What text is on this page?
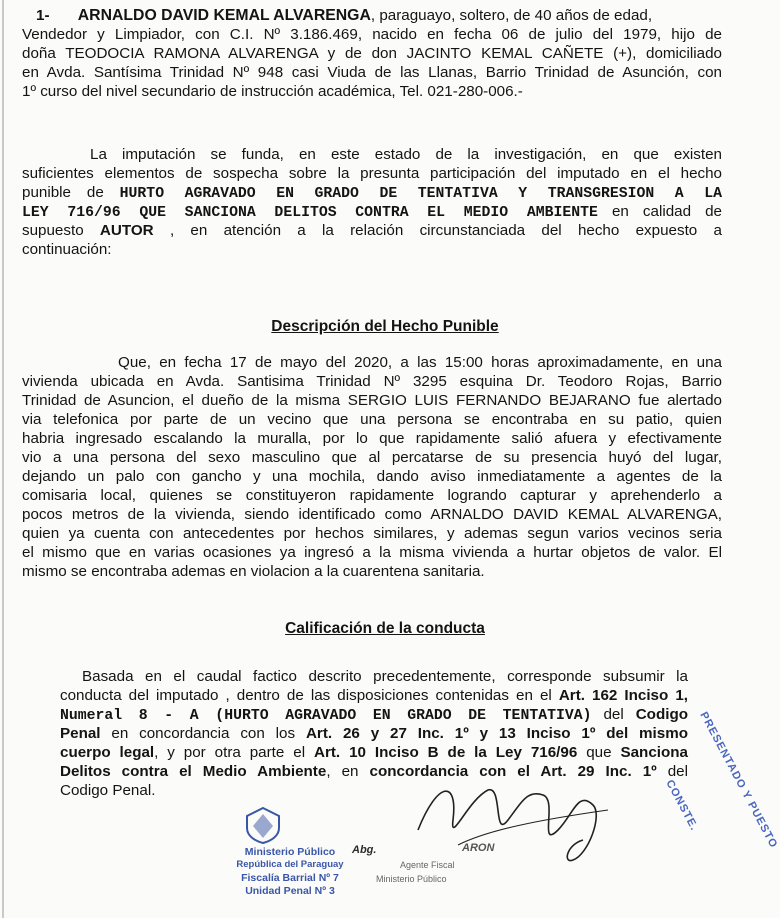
1- ARNALDO DAVID KEMAL ALVARENGA, paraguayo, soltero, de 40 años de edad,
Vendedor y Limpiador, con C.I. Nº 3.186.469, nacido en fecha 06 de julio del 1979, hijo de
doña TEODOCIA RAMONA ALVARENGA y de don JACINTO KEMAL CAÑETE (+), domiciliado
en Avda. Santísima Trinidad Nº 948 casi Viuda de las Llanas, Barrio Trinidad de Asunción, con
1º curso del nivel secundario de instrucción académica, Tel. 021-280-006.-
La imputación se funda, en este estado de la investigación, en que existen
suficientes elementos de sospecha sobre la presunta participación del imputado en el hecho
punible de HURTO AGRAVADO EN GRADO DE TENTATIVA Y TRANSGRESION A LA
LEY 716/96 QUE SANCIONA DELITOS CONTRA EL MEDIO AMBIENTE en calidad de
supuesto AUTOR , en atención a la relación circunstanciada del hecho expuesto a
continuación:
Descripción del Hecho Punible
Que, en fecha 17 de mayo del 2020, a las 15:00 horas aproximadamente, en una
vivienda ubicada en Avda. Santisima Trinidad Nº 3295 esquina Dr. Teodoro Rojas, Barrio
Trinidad de Asuncion, el dueño de la misma SERGIO LUIS FERNANDO BEJARANO fue alertado
via telefonica por parte de un vecino que una persona se encontraba en su patio, quien
habria ingresado escalando la muralla, por lo que rapidamente salió afuera y efectivamente
vio a una persona del sexo masculino que al percatarse de su presencia huyó del lugar,
dejando un palo con gancho y una mochila, dando aviso inmediatamente a agentes de la
comisaria local, quienes se constituyeron rapidamente logrando capturar y aprehenderlo a
pocos metros de la vivienda, siendo identificado como ARNALDO DAVID KEMAL ALVARENGA,
quien ya cuenta con antecedentes por hechos similares, y ademas segun varios vecinos seria
el mismo que en varias ocasiones ya ingresó a la misma vivienda a hurtar objetos de valor. El
mismo se encontraba ademas en violacion a la cuarentena sanitaria.
Calificación de la conducta
Basada en el caudal factico descrito precedentemente, corresponde subsumir la
conducta del imputado , dentro de las disposiciones contenidas en el Art. 162 Inciso 1,
Numeral 8 - A (HURTO AGRAVADO EN GRADO DE TENTATIVA) del Codigo
Penal en concordancia con los Art. 26 y 27 Inc. 1º y 13 Inciso 1º del mismo
cuerpo legal, y por otra parte el Art. 10 Inciso B de la Ley 716/96 que Sanciona
Delitos contra el Medio Ambiente, en concordancia con el Art. 29 Inc. 1º del
Codigo Penal.
Ministerio Público
República del Paraguay
Fiscalía Barrial Nº 7
Unidad Penal Nº 3
Abg.	ARON
Agente Fiscal
Ministerio Público
PRESENTADO Y PUESTO
CONSTE.
